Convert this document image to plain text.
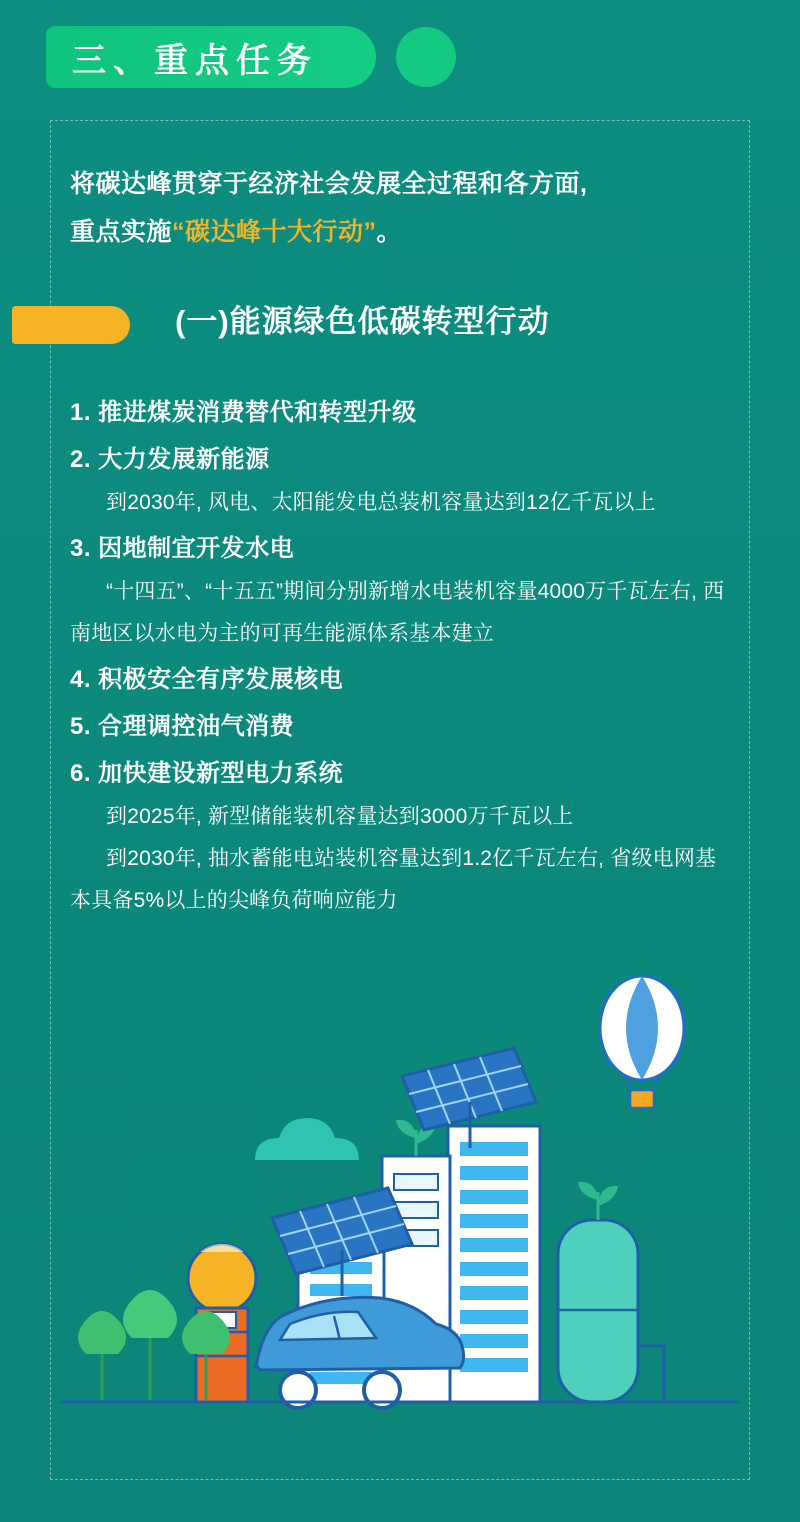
三、重点任务
将碳达峰贯穿于经济社会发展全过程和各方面,
重点实施“碳达峰十大行动”。
(一)能源绿色低碳转型行动
1. 推进煤炭消费替代和转型升级
2. 大力发展新能源
到2030年, 风电、太阳能发电总装机容量达到12亿千瓦以上
3. 因地制宜开发水电
“十四五”、“十五五”期间分别新增水电装机容量4000万千瓦左右, 西南地区以水电为主的可再生能源体系基本建立
4. 积极安全有序发展核电
5. 合理调控油气消费
6. 加快建设新型电力系统
到2025年, 新型储能装机容量达到3000万千瓦以上
到2030年, 抽水蓄能电站装机容量达到1.2亿千瓦左右, 省级电网基本具备5%以上的尖峰负荷响应能力
